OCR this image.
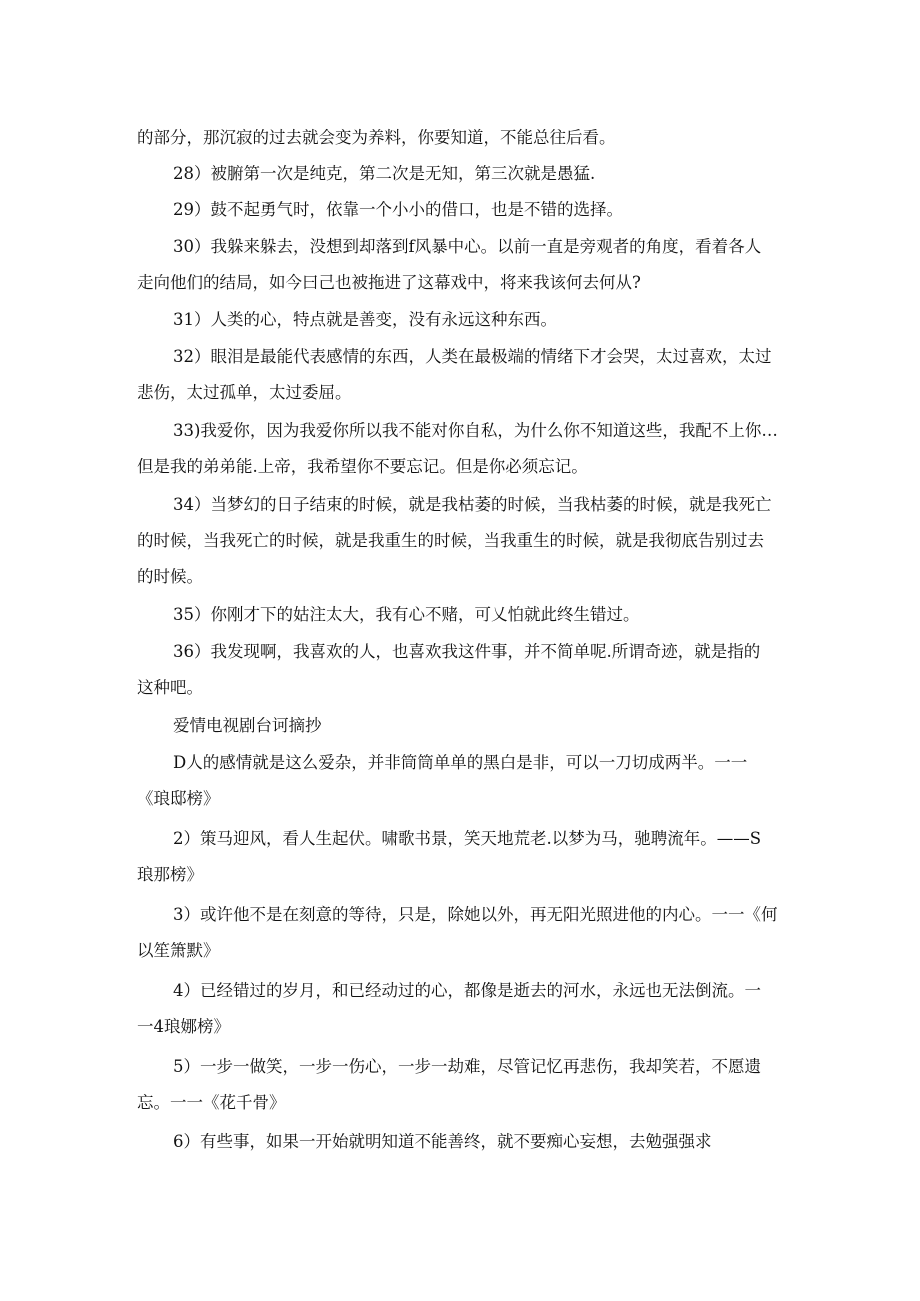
的部分，那沉寂的过去就会变为养料，你要知道，不能总往后看。

28）被腑第一次是纯克，第二次是无知，第三次就是愚猛.

29）鼓不起勇气时，依靠一个小小的借口，也是不错的选择。

30）我躲来躲去，没想到却落到f风暴中心。以前一直是旁观者的角度，看着各人
走向他们的结局，如今曰己也被拖进了这幕戏中，将来我该何去何从?

31）人类的心，特点就是善变，没有永远这种东西。

32）眼泪是最能代表感情的东西，人类在最极端的情绪下才会哭，太过喜欢，太过
悲伤，太过孤单，太过委屈。

33)我爱你，因为我爱你所以我不能对你自私，为什么你不知道这些，我配不上你…
但是我的弟弟能.上帝，我希望你不要忘记。但是你必须忘记。

34）当梦幻的日子结束的时候，就是我枯萎的时候，当我枯萎的时候，就是我死亡
的时候，当我死亡的时候，就是我重生的时候，当我重生的时候，就是我彻底告别过去
的时候。

35）你刚才下的姑注太大，我有心不赌，可乂怕就此终生错过。

36）我发现啊，我喜欢的人，也喜欢我这件事，并不简单呢.所谓奇迹，就是指的
这种吧。

爱情电视剧台诃摘抄

D人的感情就是这么爱杂，并非筒筒单单的黑白是非，可以一刀切成两半。一一
《琅邸榜》

2）策马迎风，看人生起伏。啸歌书景，笑天地荒老.以梦为马，驰聘流年。——S
琅那榜》

3）或许他不是在刻意的等待，只是，除她以外，再无阳光照进他的内心。一一《何
以笙箫默》

4）已经错过的岁月，和已经动过的心，都像是逝去的河水，永远也无法倒流。一
一4琅娜榜》

5）一步一做笑，一步一伤心，一步一劫难，尽管记忆再悲伤，我却笑若，不愿遗
忘。一一《花千骨》

6）有些事，如果一开始就明知道不能善终，就不要痴心妄想，去勉强强求
